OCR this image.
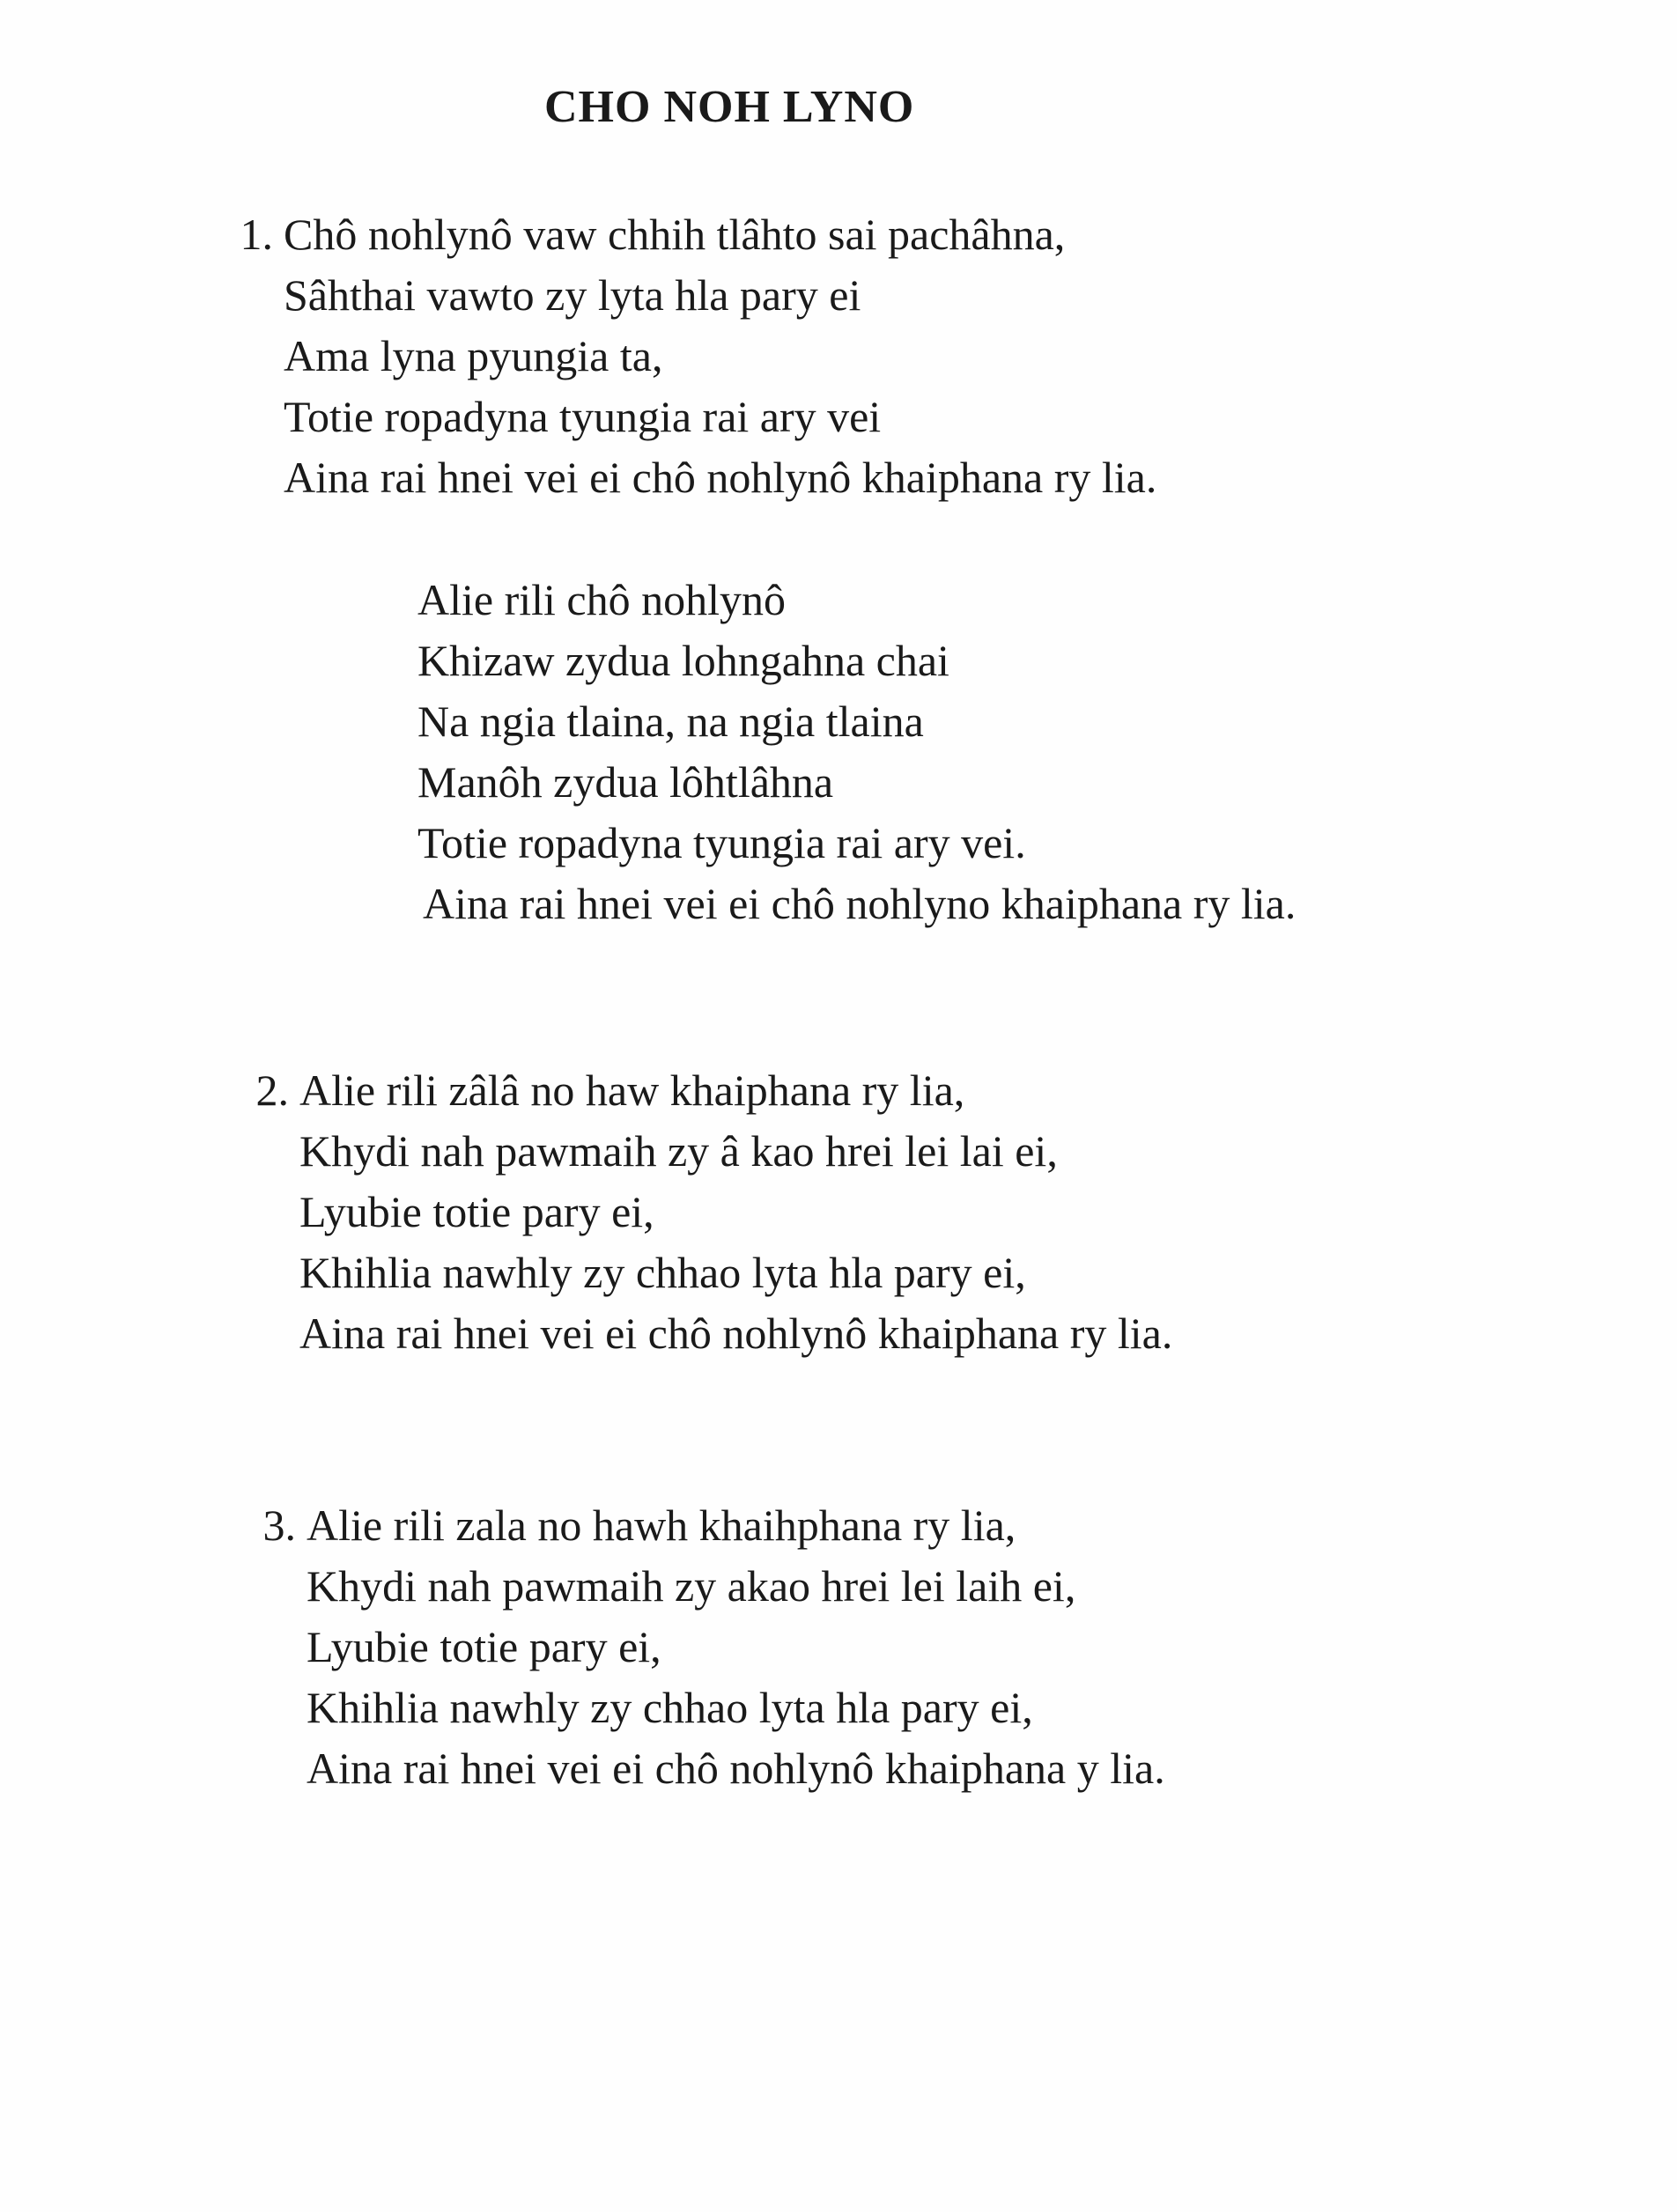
CHO NOH LYNO
1. Chô nohlynô vaw chhih tlâhto sai pachâhna,
Sâhthai vawto zy lyta hla pary ei
Ama lyna pyungia ta,
Totie ropadyna tyungia rai ary vei
Aina rai hnei vei ei chô nohlynô khaiphana ry lia.
Alie rili chô nohlynô
Khizaw zydua lohngahna chai
Na ngia tlaina, na ngia tlaina
Manôh zydua lôhtlâhna
Totie ropadyna tyungia rai ary vei.
Aina rai hnei vei ei chô nohlyno khaiphana ry lia.
2. Alie rili zâlâ no haw khaiphana ry lia,
Khydi nah pawmaih zy â kao hrei lei lai ei,
Lyubie totie pary ei,
Khihlia nawhly zy chhao lyta hla pary ei,
Aina rai hnei vei ei chô nohlynô khaiphana ry lia.
3. Alie rili zala no hawh khaihphana ry lia,
Khydi nah pawmaih zy akao hrei lei laih ei,
Lyubie totie pary ei,
Khihlia nawhly zy chhao lyta hla pary ei,
Aina rai hnei vei ei chô nohlynô khaiphana y lia.
